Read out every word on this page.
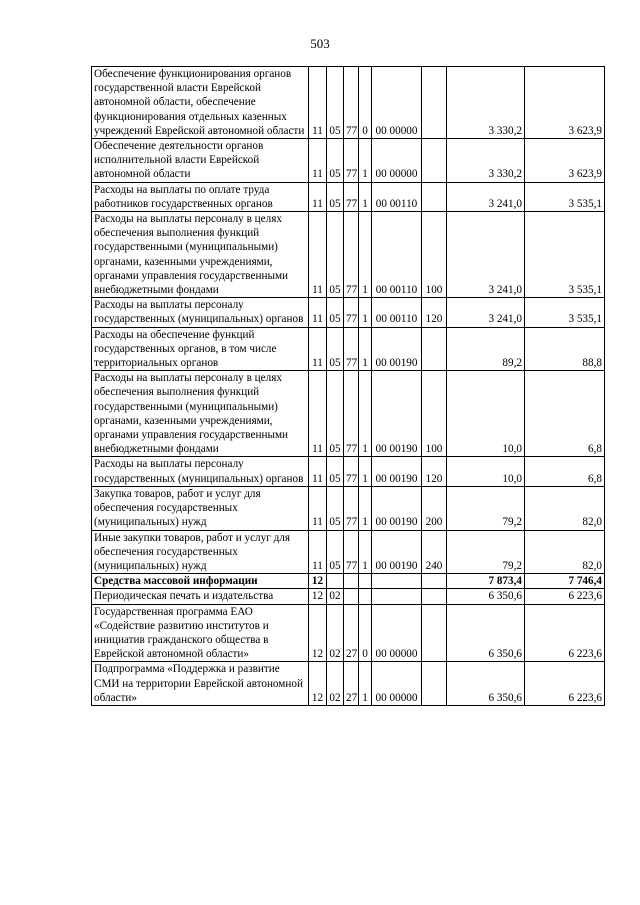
503
Обеспечение функционирования органов государственной власти Еврейской автономной области, обеспечение функционирования отдельных казенных учреждений Еврейской автономной области	11	05	77	0	00 00000		3 330,2	3 623,9
Обеспечение деятельности органов исполнительной власти Еврейской автономной области	11	05	77	1	00 00000		3 330,2	3 623,9
Расходы на выплаты по оплате труда работников государственных органов	11	05	77	1	00 00110		3 241,0	3 535,1
Расходы на выплаты персоналу в целях обеспечения выполнения функций государственными (муниципальными) органами, казенными учреждениями, органами управления государственными внебюджетными фондами	11	05	77	1	00 00110	100	3 241,0	3 535,1
Расходы на выплаты персоналу государственных (муниципальных) органов	11	05	77	1	00 00110	120	3 241,0	3 535,1
Расходы на обеспечение функций государственных органов, в том числе территориальных органов	11	05	77	1	00 00190		89,2	88,8
Расходы на выплаты персоналу в целях обеспечения выполнения функций государственными (муниципальными) органами, казенными учреждениями, органами управления государственными внебюджетными фондами	11	05	77	1	00 00190	100	10,0	6,8
Расходы на выплаты персоналу государственных (муниципальных) органов	11	05	77	1	00 00190	120	10,0	6,8
Закупка товаров, работ и услуг для обеспечения государственных (муниципальных) нужд	11	05	77	1	00 00190	200	79,2	82,0
Иные закупки товаров, работ и услуг для обеспечения государственных (муниципальных) нужд	11	05	77	1	00 00190	240	79,2	82,0
Средства массовой информации	12						7 873,4	7 746,4
Периодическая печать и издательства	12	02					6 350,6	6 223,6
Государственная программа ЕАО «Содействие развитию институтов и инициатив гражданского общества в Еврейской автономной области»	12	02	27	0	00 00000		6 350,6	6 223,6
Подпрограмма «Поддержка и развитие СМИ на территории Еврейской автономной области»	12	02	27	1	00 00000		6 350,6	6 223,6
